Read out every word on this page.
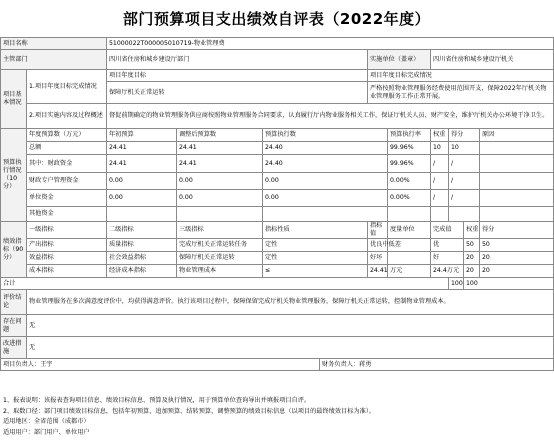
部门预算项目支出绩效自评表（2022年度）
项目名称		51000022T000005010719-物业管理费									
主管部门		四川省住房和城乡建设厅部门				实施单位（盖章）		四川省住房和城乡建设厅机关			
项目基本情况	1.项目年度目标完成情况	项目年度目标				项目年度目标完成情况					
		保障厅机关正常运转				严格按照物业管理服务经费使用范围开支，保障2022年厅机关物业管理服务工作正常开展。					
	2.项目实施内容及过程概述	督促前期确定的物业管理服务供应商按照物业管理服务合同要求，认真履行厅内物业服务相关工作，保证厅机关人员、财产安全，维护厅机关办公环境干净卫生。									
预算执行情况（10分）	年度预算数（万元）	年初预算	调整后预算数	预算执行数			预算执行率	权重	得分		原因
	总额	24.41	24.41	24.40			99.96%	10	10		
	其中：财政资金	24.41	24.41	24.40			99.96%	/	/		
	财政专户管理资金	0.00	0.00	0.00			0.00%	/	/		
	单位资金	0.00	0.00	0.00			0.00%	/	/		
	其他资金										
绩效指标（90分）	一级指标	二级指标	三级指标	指标性质		指标值	度量单位	完成值		权重	得分
	产出指标	质量指标	完成厅机关正常运转任务	定性		优良中低差		优		50	50
	效益指标	社会效益指标	保障厅机关正常运转	定性		好坏		好		20	20
	成本指标	经济成本指标	物业管理成本	≤		24.41	万元	24.4万元		20	20
合计									100	100	
评价结论	物业管理服务在多次满意度评价中，均获得满意评价。执行该项目过程中，保障保留完成厅机关物业管理服务，保障厅机关正常运转，控制物业管理成本。										
存在问题	无										
改进措施	无										
项目负责人：王宇					财务负责人：蒋勇						
1、报表说明：该报表查询项目信息、绩效目标信息、预算及执行情况，用于预算单位查询导出并填报项目自评。
2、取数口径：部门项目绩效目标信息，包括年初预算、追加预算、结转预算，调整预算的绩效目标信息（以项目的最终绩效目标为准）。
适用地区：全省范围（成都市）
适用用户：部门用户、单位用户
